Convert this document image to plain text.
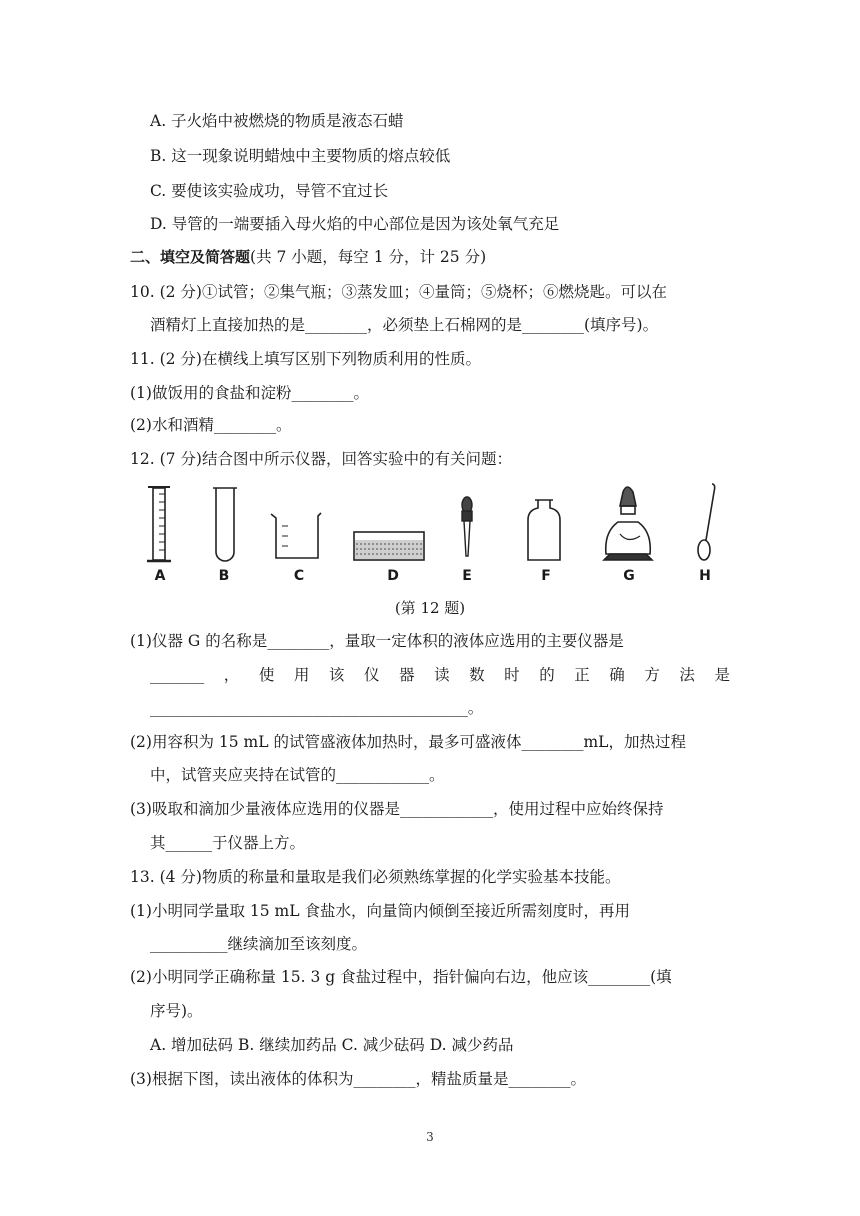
A. 子火焰中被燃烧的物质是液态石蜡
B. 这一现象说明蜡烛中主要物质的熔点较低
C. 要使该实验成功，导管不宜过长
D. 导管的一端要插入母火焰的中心部位是因为该处氧气充足
二、填空及简答题(共 7 小题，每空 1 分，计 25 分)
10. (2 分)①试管；②集气瓶；③蒸发皿；④量筒；⑤烧杯；⑥燃烧匙。可以在
酒精灯上直接加热的是________，必须垫上石棉网的是________(填序号)。
11. (2 分)在横线上填写区别下列物质利用的性质。
(1)做饭用的食盐和淀粉________。
(2)水和酒精________。
12. (7 分)结合图中所示仪器，回答实验中的有关问题：
A	B	C	D	E	F	G	H
(第 12 题)
(1)仪器 G 的名称是________，量取一定体积的液体应选用的主要仪器是
_______ ， 使 用 该 仪 器 读 数 时 的 正 确 方 法 是
_________________________________________。
(2)用容积为 15 mL 的试管盛液体加热时，最多可盛液体________mL，加热过程
中，试管夹应夹持在试管的____________。
(3)吸取和滴加少量液体应选用的仪器是____________，使用过程中应始终保持
其______于仪器上方。
13. (4 分)物质的称量和量取是我们必须熟练掌握的化学实验基本技能。
(1)小明同学量取 15 mL 食盐水，向量筒内倾倒至接近所需刻度时，再用
__________继续滴加至该刻度。
(2)小明同学正确称量 15. 3 g 食盐过程中，指针偏向右边，他应该________(填
序号)。
A. 增加砝码 B. 继续加药品 C. 减少砝码 D. 减少药品
(3)根据下图，读出液体的体积为________，精盐质量是________。
3
